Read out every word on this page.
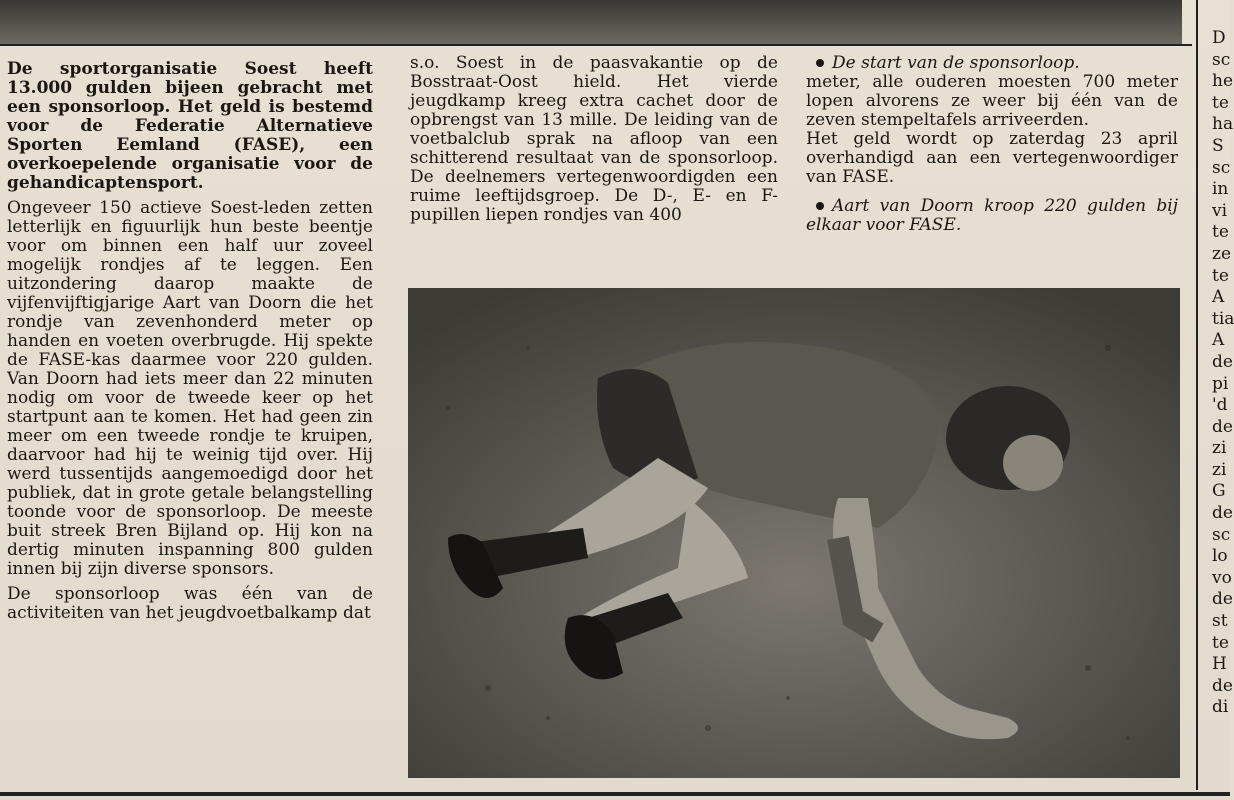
De sportorganisatie Soest heeft 13.000 gulden bijeen gebracht met een sponsorloop. Het geld is bestemd voor de Federatie Alternatieve Sporten Eemland (FASE), een overkoepelende organisatie voor de gehandicaptensport.

Ongeveer 150 actieve Soest-leden zetten letterlijk en figuurlijk hun beste beentje voor om binnen een half uur zoveel mogelijk rondjes af te leggen. Een uitzondering daarop maakte de vijfenvijftigjarige Aart van Doorn die het rondje van zevenhonderd meter op handen en voeten overbrugde. Hij spekte de FASE-kas daarmee voor 220 gulden. Van Doorn had iets meer dan 22 minuten nodig om voor de tweede keer op het startpunt aan te komen. Het had geen zin meer om een tweede rondje te kruipen, daarvoor had hij te weinig tijd over. Hij werd tussentijds aangemoedigd door het publiek, dat in grote getale belangstelling toonde voor de sponsorloop. De meeste buit streek Bren Bijland op. Hij kon na dertig minuten inspanning 800 gulden innen bij zijn diverse sponsors.

De sponsorloop was één van de activiteiten van het jeugdvoetbalkamp dat

s.o. Soest in de paasvakantie op de Bosstraat-Oost hield. Het vierde jeugdkamp kreeg extra cachet door de opbrengst van 13 mille. De leiding van de voetbalclub sprak na afloop van een schitterend resultaat van de sponsorloop. De deelnemers vertegenwoordigden een ruime leeftijdsgroep. De D-, E- en F-pupillen liepen rondjes van 400

De start van de sponsorloop.

meter, alle ouderen moesten 700 meter lopen alvorens ze weer bij één van de zeven stempeltafels arriveerden.

Het geld wordt op zaterdag 23 april overhandigd aan een vertegenwoordiger van FASE.

Aart van Doorn kroop 220 gulden bij elkaar voor FASE.

D
sc
he
te
ha
S
sc
in
vi
te
ze
te
A
tia
A
de
pi
'd
de
zi
zi
G
de
sc
lo
vo
de
st
te
H
de
di
